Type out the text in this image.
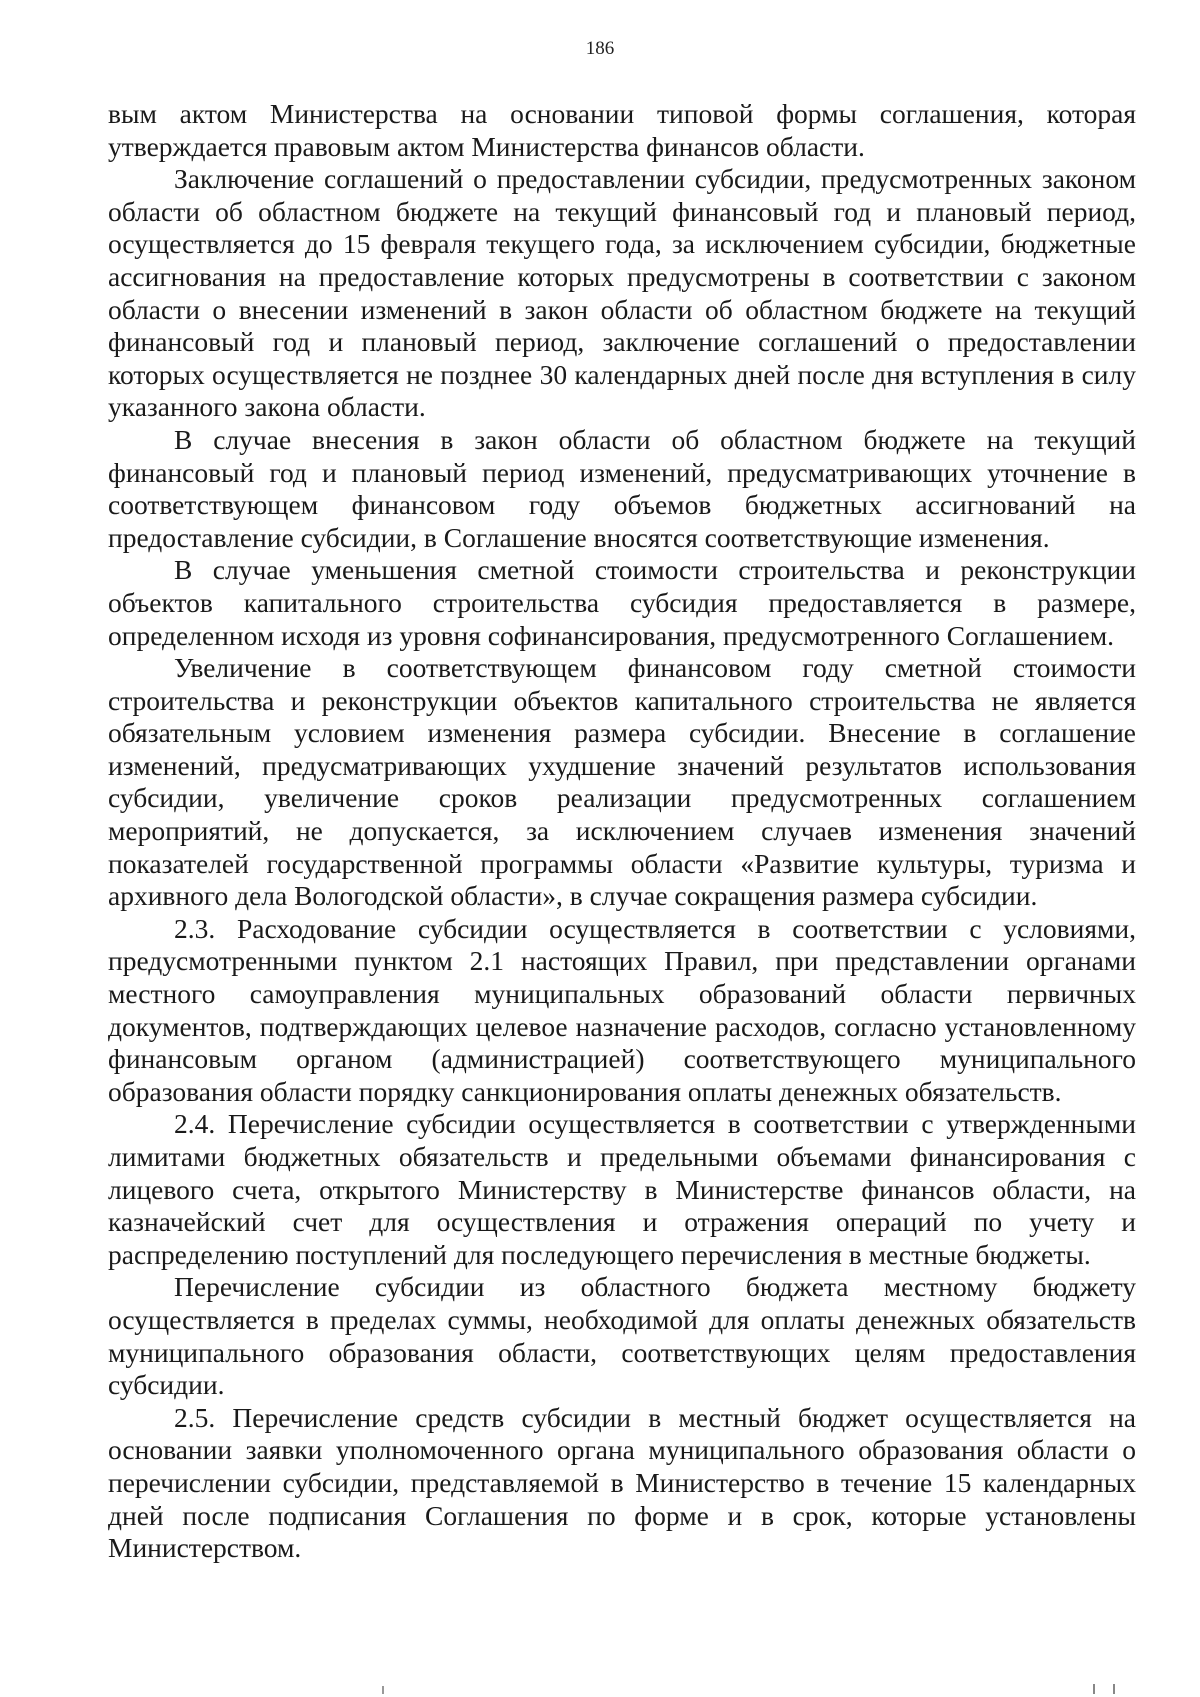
186

вым актом Министерства на основании типовой формы соглашения, которая утверждается правовым актом Министерства финансов области.

Заключение соглашений о предоставлении субсидии, предусмотренных законом области об областном бюджете на текущий финансовый год и плановый период, осуществляется до 15 февраля текущего года, за исключением субсидии, бюджетные ассигнования на предоставление которых предусмотрены в соответствии с законом области о внесении изменений в закон области об областном бюджете на текущий финансовый год и плановый период, заключение соглашений о предоставлении которых осуществляется не позднее 30 календарных дней после дня вступления в силу указанного закона области.

В случае внесения в закон области об областном бюджете на текущий финансовый год и плановый период изменений, предусматривающих уточнение в соответствующем финансовом году объемов бюджетных ассигнований на предоставление субсидии, в Соглашение вносятся соответствующие изменения.

В случае уменьшения сметной стоимости строительства и реконструкции объектов капитального строительства субсидия предоставляется в размере, определенном исходя из уровня софинансирования, предусмотренного Соглашением.

Увеличение в соответствующем финансовом году сметной стоимости строительства и реконструкции объектов капитального строительства не является обязательным условием изменения размера субсидии. Внесение в соглашение изменений, предусматривающих ухудшение значений результатов использования субсидии, увеличение сроков реализации предусмотренных соглашением мероприятий, не допускается, за исключением случаев изменения значений показателей государственной программы области «Развитие культуры, туризма и архивного дела Вологодской области», в случае сокращения размера субсидии.

2.3. Расходование субсидии осуществляется в соответствии с условиями, предусмотренными пунктом 2.1 настоящих Правил, при представлении органами местного самоуправления муниципальных образований области первичных документов, подтверждающих целевое назначение расходов, согласно установленному финансовым органом (администрацией) соответствующего муниципального образования области порядку санкционирования оплаты денежных обязательств.

2.4. Перечисление субсидии осуществляется в соответствии с утвержденными лимитами бюджетных обязательств и предельными объемами финансирования с лицевого счета, открытого Министерству в Министерстве финансов области, на казначейский счет для осуществления и отражения операций по учету и распределению поступлений для последующего перечисления в местные бюджеты.

Перечисление субсидии из областного бюджета местному бюджету осуществляется в пределах суммы, необходимой для оплаты денежных обязательств муниципального образования области, соответствующих целям предоставления субсидии.

2.5. Перечисление средств субсидии в местный бюджет осуществляется на основании заявки уполномоченного органа муниципального образования области о перечислении субсидии, представляемой в Министерство в течение 15 календарных дней после подписания Соглашения по форме и в срок, которые установлены Министерством.
